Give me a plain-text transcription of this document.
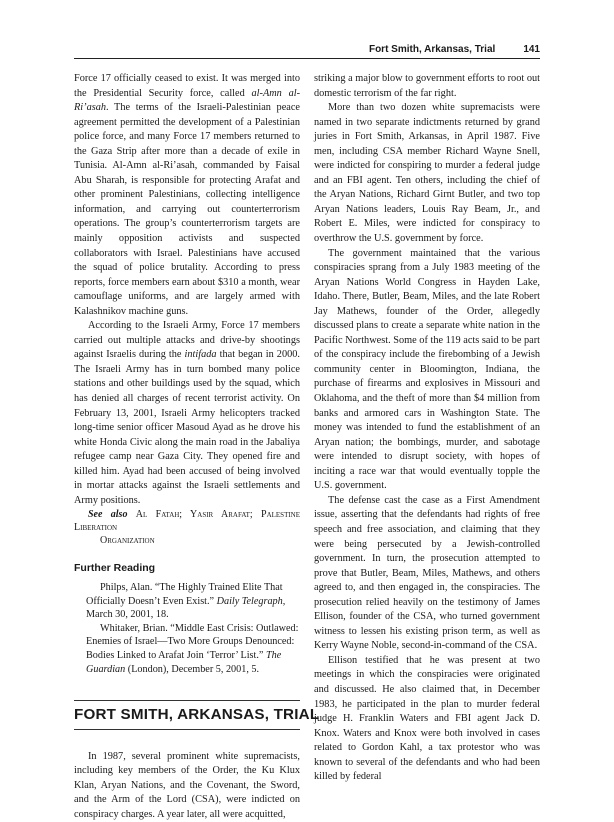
Fort Smith, Arkansas, Trial	141

Force 17 officially ceased to exist. It was merged into the Presidential Security force, called al-Amn al-Ri’asah. The terms of the Israeli-Palestinian peace agreement permitted the development of a Palestinian police force, and many Force 17 members returned to the Gaza Strip after more than a decade of exile in Tunisia. Al-Amn al-Ri’asah, commanded by Faisal Abu Sharah, is responsible for protecting Arafat and other prominent Palestinians, collecting intelligence information, and carrying out counterterrorism operations. The group’s counterterrorism targets are mainly opposition activists and suspected collaborators with Israel. Palestinians have accused the squad of police brutality. According to press reports, force members earn about $310 a month, wear camouflage uniforms, and are largely armed with Kalashnikov machine guns.

According to the Israeli Army, Force 17 members carried out multiple attacks and drive-by shootings against Israelis during the intifada that began in 2000. The Israeli Army has in turn bombed many police stations and other buildings used by the squad, which has denied all charges of recent terrorist activity. On February 13, 2001, Israeli Army helicopters tracked long-time senior officer Masoud Ayad as he drove his white Honda Civic along the main road in the Jabaliya refugee camp near Gaza City. They opened fire and killed him. Ayad had been accused of being involved in mortar attacks against the Israeli settlements and Army positions.

See also Al Fatah; Yasir Arafat; Palestine Liberation
Organization

Further Reading

Philps, Alan. “The Highly Trained Elite That Officially Doesn’t Even Exist.” Daily Telegraph, March 30, 2001, 18.

Whitaker, Brian. “Middle East Crisis: Outlawed: Enemies of Israel—Two More Groups Denounced: Bodies Linked to Arafat Join ‘Terror’ List.” The Guardian (London), December 5, 2001, 5.

FORT SMITH, ARKANSAS, TRIAL

In 1987, several prominent white supremacists, including key members of the Order, the Ku Klux Klan, Aryan Nations, and the Covenant, the Sword, and the Arm of the Lord (CSA), were indicted on conspiracy charges. A year later, all were acquitted,

striking a major blow to government efforts to root out domestic terrorism of the far right.

More than two dozen white supremacists were named in two separate indictments returned by grand juries in Fort Smith, Arkansas, in April 1987. Five men, including CSA member Richard Wayne Snell, were indicted for conspiring to murder a federal judge and an FBI agent. Ten others, including the chief of the Aryan Nations, Richard Girnt Butler, and two top Aryan Nations leaders, Louis Ray Beam, Jr., and Robert E. Miles, were indicted for conspiracy to overthrow the U.S. government by force.

The government maintained that the various conspiracies sprang from a July 1983 meeting of the Aryan Nations World Congress in Hayden Lake, Idaho. There, Butler, Beam, Miles, and the late Robert Jay Mathews, founder of the Order, allegedly discussed plans to create a separate white nation in the Pacific Northwest. Some of the 119 acts said to be part of the conspiracy include the firebombing of a Jewish community center in Bloomington, Indiana, the purchase of firearms and explosives in Missouri and Oklahoma, and the theft of more than $4 million from banks and armored cars in Washington State. The money was intended to fund the establishment of an Aryan nation; the bombings, murder, and sabotage were intended to disrupt society, with hopes of inciting a race war that would eventually topple the U.S. government.

The defense cast the case as a First Amendment issue, asserting that the defendants had rights of free speech and free association, and claiming that they were being persecuted by a Jewish-controlled government. In turn, the prosecution attempted to prove that Butler, Beam, Miles, Mathews, and others agreed to, and then engaged in, the conspiracies. The prosecution relied heavily on the testimony of James Ellison, founder of the CSA, who turned government witness to lessen his existing prison term, as well as Kerry Wayne Noble, second-in-command of the CSA.

Ellison testified that he was present at two meetings in which the conspiracies were originated and discussed. He also claimed that, in December 1983, he participated in the plan to murder federal judge H. Franklin Waters and FBI agent Jack D. Knox. Waters and Knox were both involved in cases related to Gordon Kahl, a tax protestor who was known to several of the defendants and who had been killed by federal
